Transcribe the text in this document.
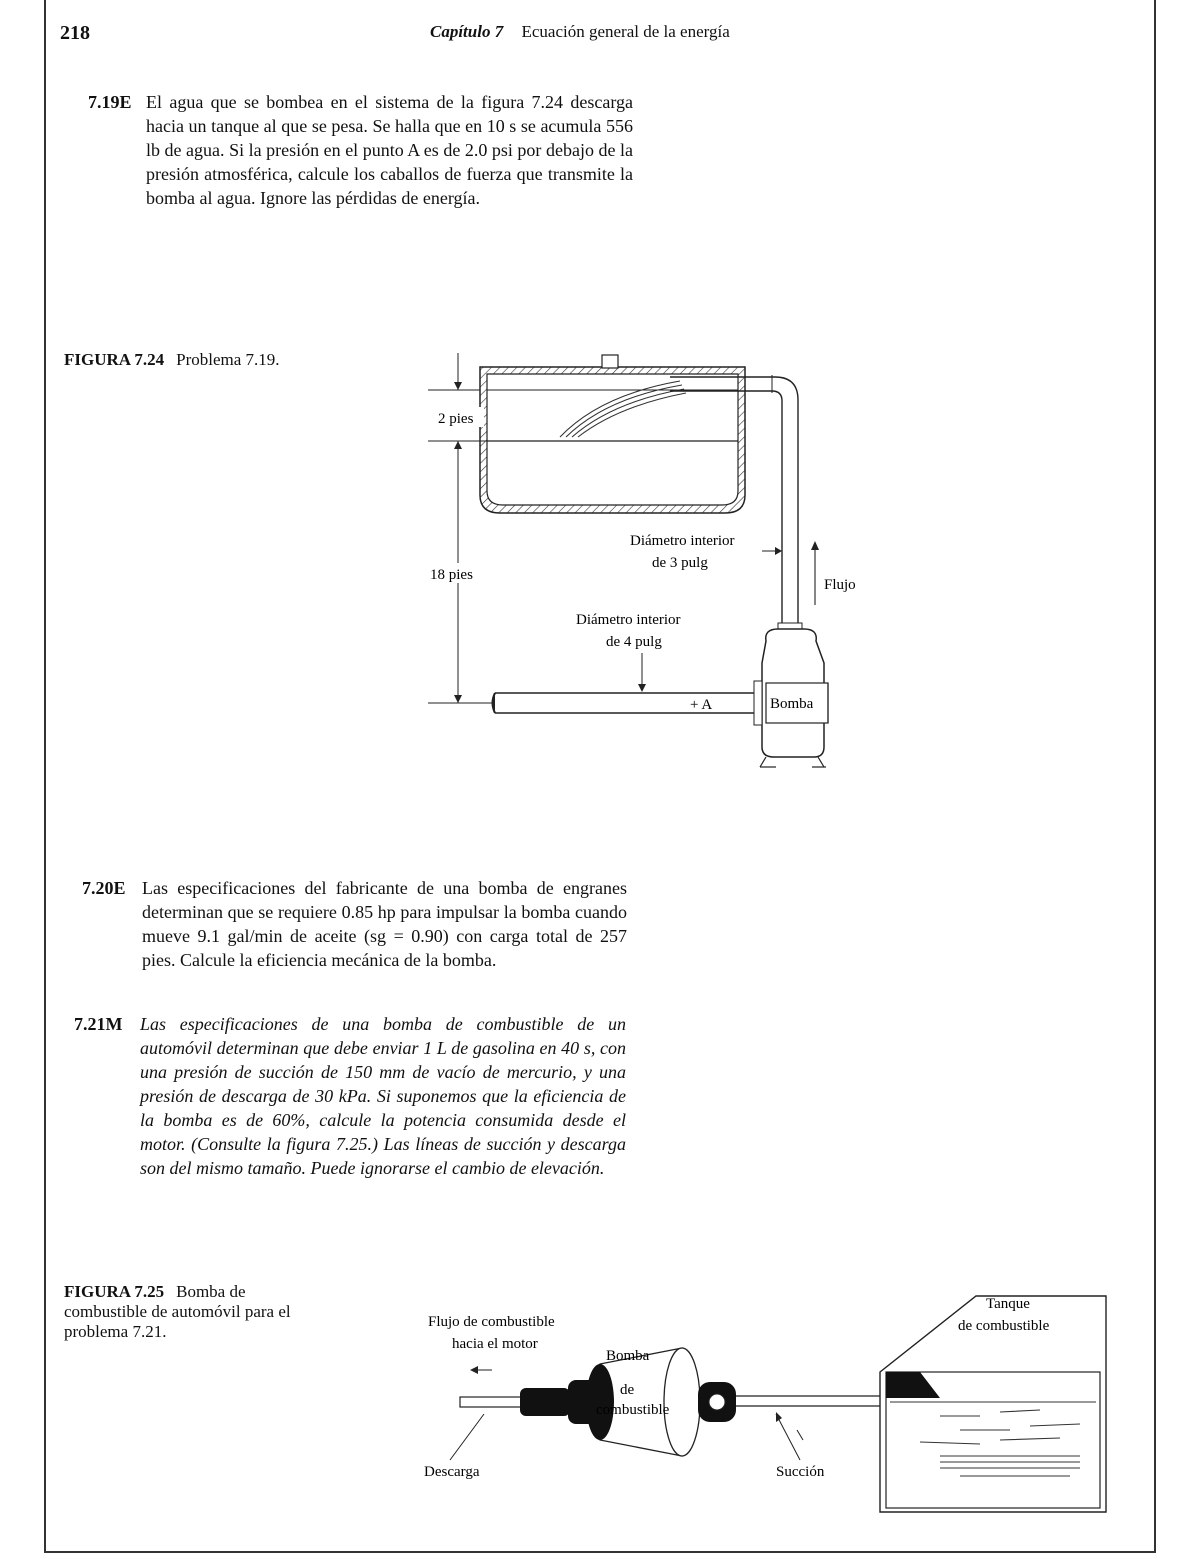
218	Capítulo 7 Ecuación general de la energía
7.19E El agua que se bombea en el sistema de la figura 7.24 descarga hacia un tanque al que se pesa. Se halla que en 10 s se acumula 556 lb de agua. Si la presión en el punto A es de 2.0 psi por debajo de la presión atmosférica, calcule los caballos de fuerza que transmite la bomba al agua. Ignore las pérdidas de energía.
FIGURA 7.24 Problema 7.19.
Bomba
+ A
2 pies
18 pies
Diámetro interior
de 3 pulg
Flujo
Diámetro interior
de 4 pulg
7.20E Las especificaciones del fabricante de una bomba de engranes determinan que se requiere 0.85 hp para impulsar la bomba cuando mueve 9.1 gal/min de aceite (sg = 0.90) con carga total de 257 pies. Calcule la eficiencia mecánica de la bomba.
7.21M Las especificaciones de una bomba de combustible de un automóvil determinan que debe enviar 1 L de gasolina en 40 s, con una presión de succión de 150 mm de vacío de mercurio, y una presión de descarga de 30 kPa. Si suponemos que la eficiencia de la bomba es de 60%, calcule la potencia consumida desde el motor. (Consulte la figura 7.25.) Las líneas de succión y descarga son del mismo tamaño. Puede ignorarse el cambio de elevación.
FIGURA 7.25 Bomba de combustible de automóvil para el problema 7.21.
Bomba
de
combustible
Tanque
de combustible
Flujo de combustible
hacia el motor
Descarga	Succión
